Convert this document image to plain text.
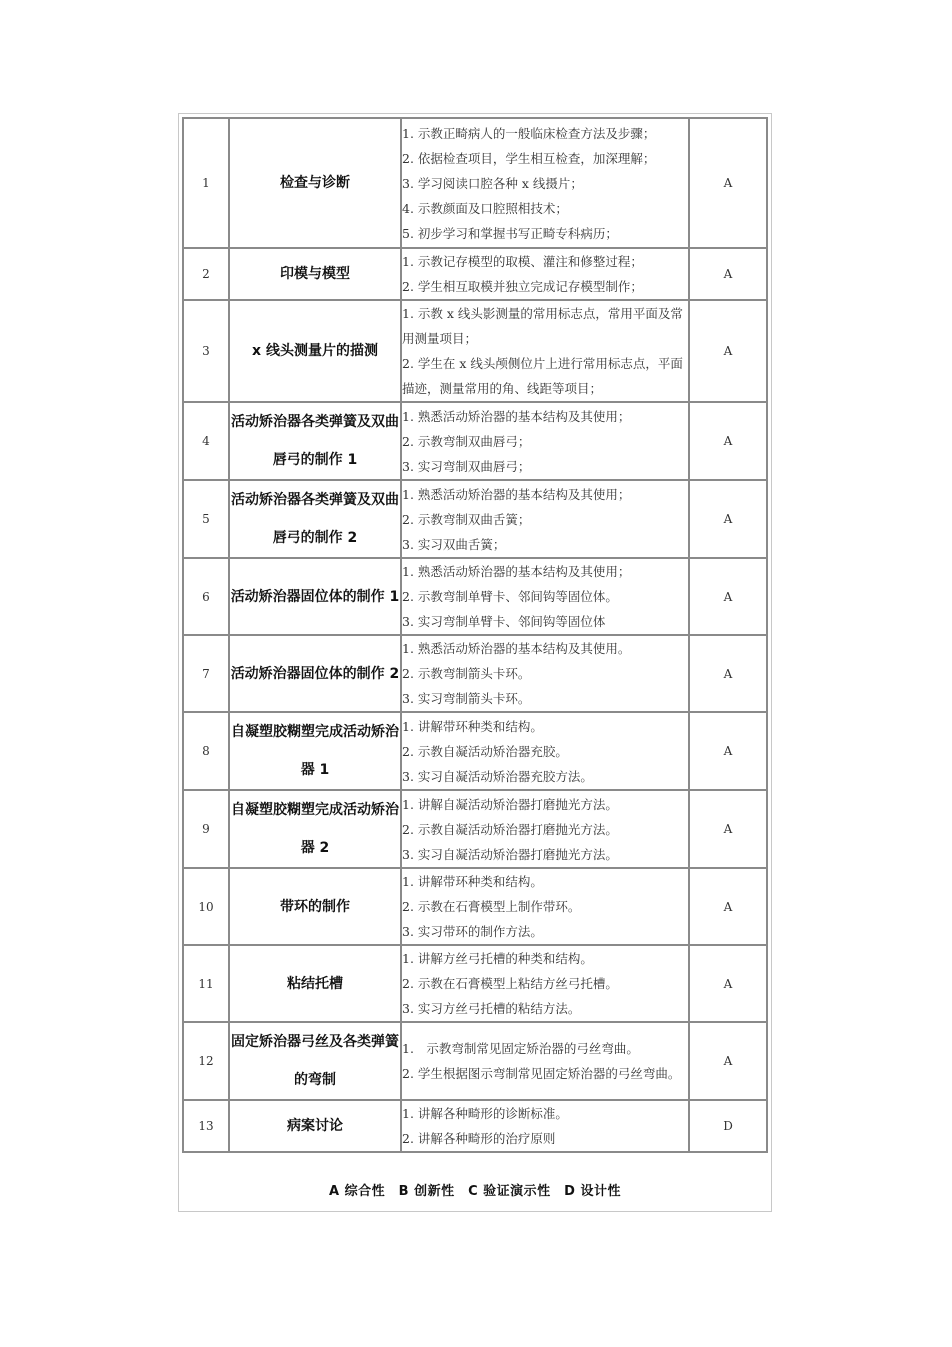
1	检查与诊断	1. 示教正畸病人的一般临床检查方法及步骤；
2. 依据检查项目，学生相互检查，加深理解；
3. 学习阅读口腔各种 x 线摄片；
4. 示教颜面及口腔照相技术；
5. 初步学习和掌握书写正畸专科病历；	A
2	印模与模型	1. 示教记存模型的取模、灌注和修整过程；
2. 学生相互取模并独立完成记存模型制作；	A
3	x 线头测量片的描测	1. 示教 x 线头影测量的常用标志点，常用平面及常用测量项目；
2. 学生在 x 线头颅侧位片上进行常用标志点，平面描迹，测量常用的角、线距等项目；	A
4	活动矫治器各类弹簧及双曲唇弓的制作 1	1. 熟悉活动矫治器的基本结构及其使用；
2. 示教弯制双曲唇弓；
3. 实习弯制双曲唇弓；	A
5	活动矫治器各类弹簧及双曲唇弓的制作 2	1. 熟悉活动矫治器的基本结构及其使用；
2. 示教弯制双曲舌簧；
3. 实习双曲舌簧；	A
6	活动矫治器固位体的制作 1	1. 熟悉活动矫治器的基本结构及其使用；
2. 示教弯制单臂卡、邻间钩等固位体。
3. 实习弯制单臂卡、邻间钩等固位体	A
7	活动矫治器固位体的制作 2	1. 熟悉活动矫治器的基本结构及其使用。
2. 示教弯制箭头卡环。
3. 实习弯制箭头卡环。	A
8	自凝塑胶糊塑完成活动矫治器 1	1. 讲解带环种类和结构。
2. 示教自凝活动矫治器充胶。
3. 实习自凝活动矫治器充胶方法。	A
9	自凝塑胶糊塑完成活动矫治器 2	1. 讲解自凝活动矫治器打磨抛光方法。
2. 示教自凝活动矫治器打磨抛光方法。
3. 实习自凝活动矫治器打磨抛光方法。	A
10	带环的制作	1. 讲解带环种类和结构。
2. 示教在石膏模型上制作带环。
3. 实习带环的制作方法。	A
11	粘结托槽	1. 讲解方丝弓托槽的种类和结构。
2. 示教在石膏模型上粘结方丝弓托槽。
3. 实习方丝弓托槽的粘结方法。	A
12	固定矫治器弓丝及各类弹簧的弯制	1.　示教弯制常见固定矫治器的弓丝弯曲。
2. 学生根据图示弯制常见固定矫治器的弓丝弯曲。	A
13	病案讨论	1. 讲解各种畸形的诊断标准。
2. 讲解各种畸形的治疗原则	D
A 综合性　B 创新性　C 验证演示性　D 设计性
